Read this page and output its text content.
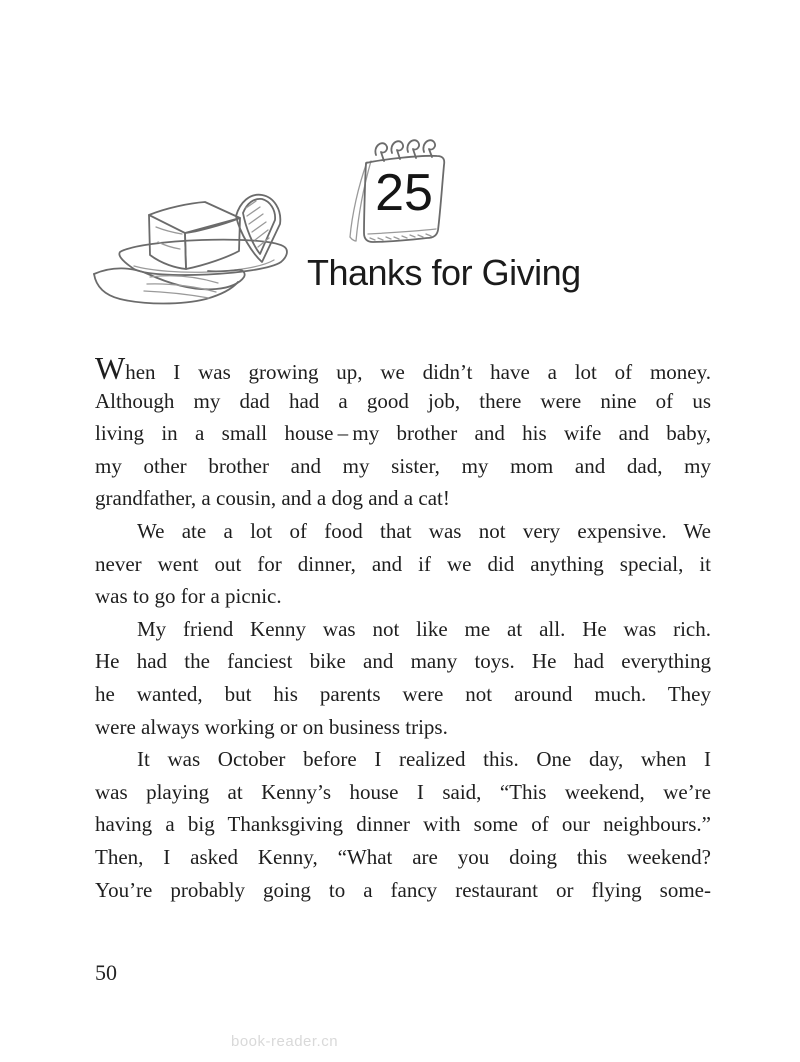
25
Thanks for Giving
When I was growing up, we didn’t have a lot of money.
Although my dad had a good job, there were nine of us
living in a small house – my brother and his wife and baby,
my other brother and my sister, my mom and dad, my
grandfather, a cousin, and a dog and a cat!
We ate a lot of food that was not very expensive. We
never went out for dinner, and if we did anything special, it
was to go for a picnic.
My friend Kenny was not like me at all. He was rich.
He had the fanciest bike and many toys. He had everything
he wanted, but his parents were not around much. They
were always working or on business trips.
It was October before I realized this. One day, when I
was playing at Kenny’s house I said, “This weekend, we’re
having a big Thanksgiving dinner with some of our neighbours.”
Then, I asked Kenny, “What are you doing this weekend?
You’re probably going to a fancy restaurant or flying some-
50
book-reader.cn
